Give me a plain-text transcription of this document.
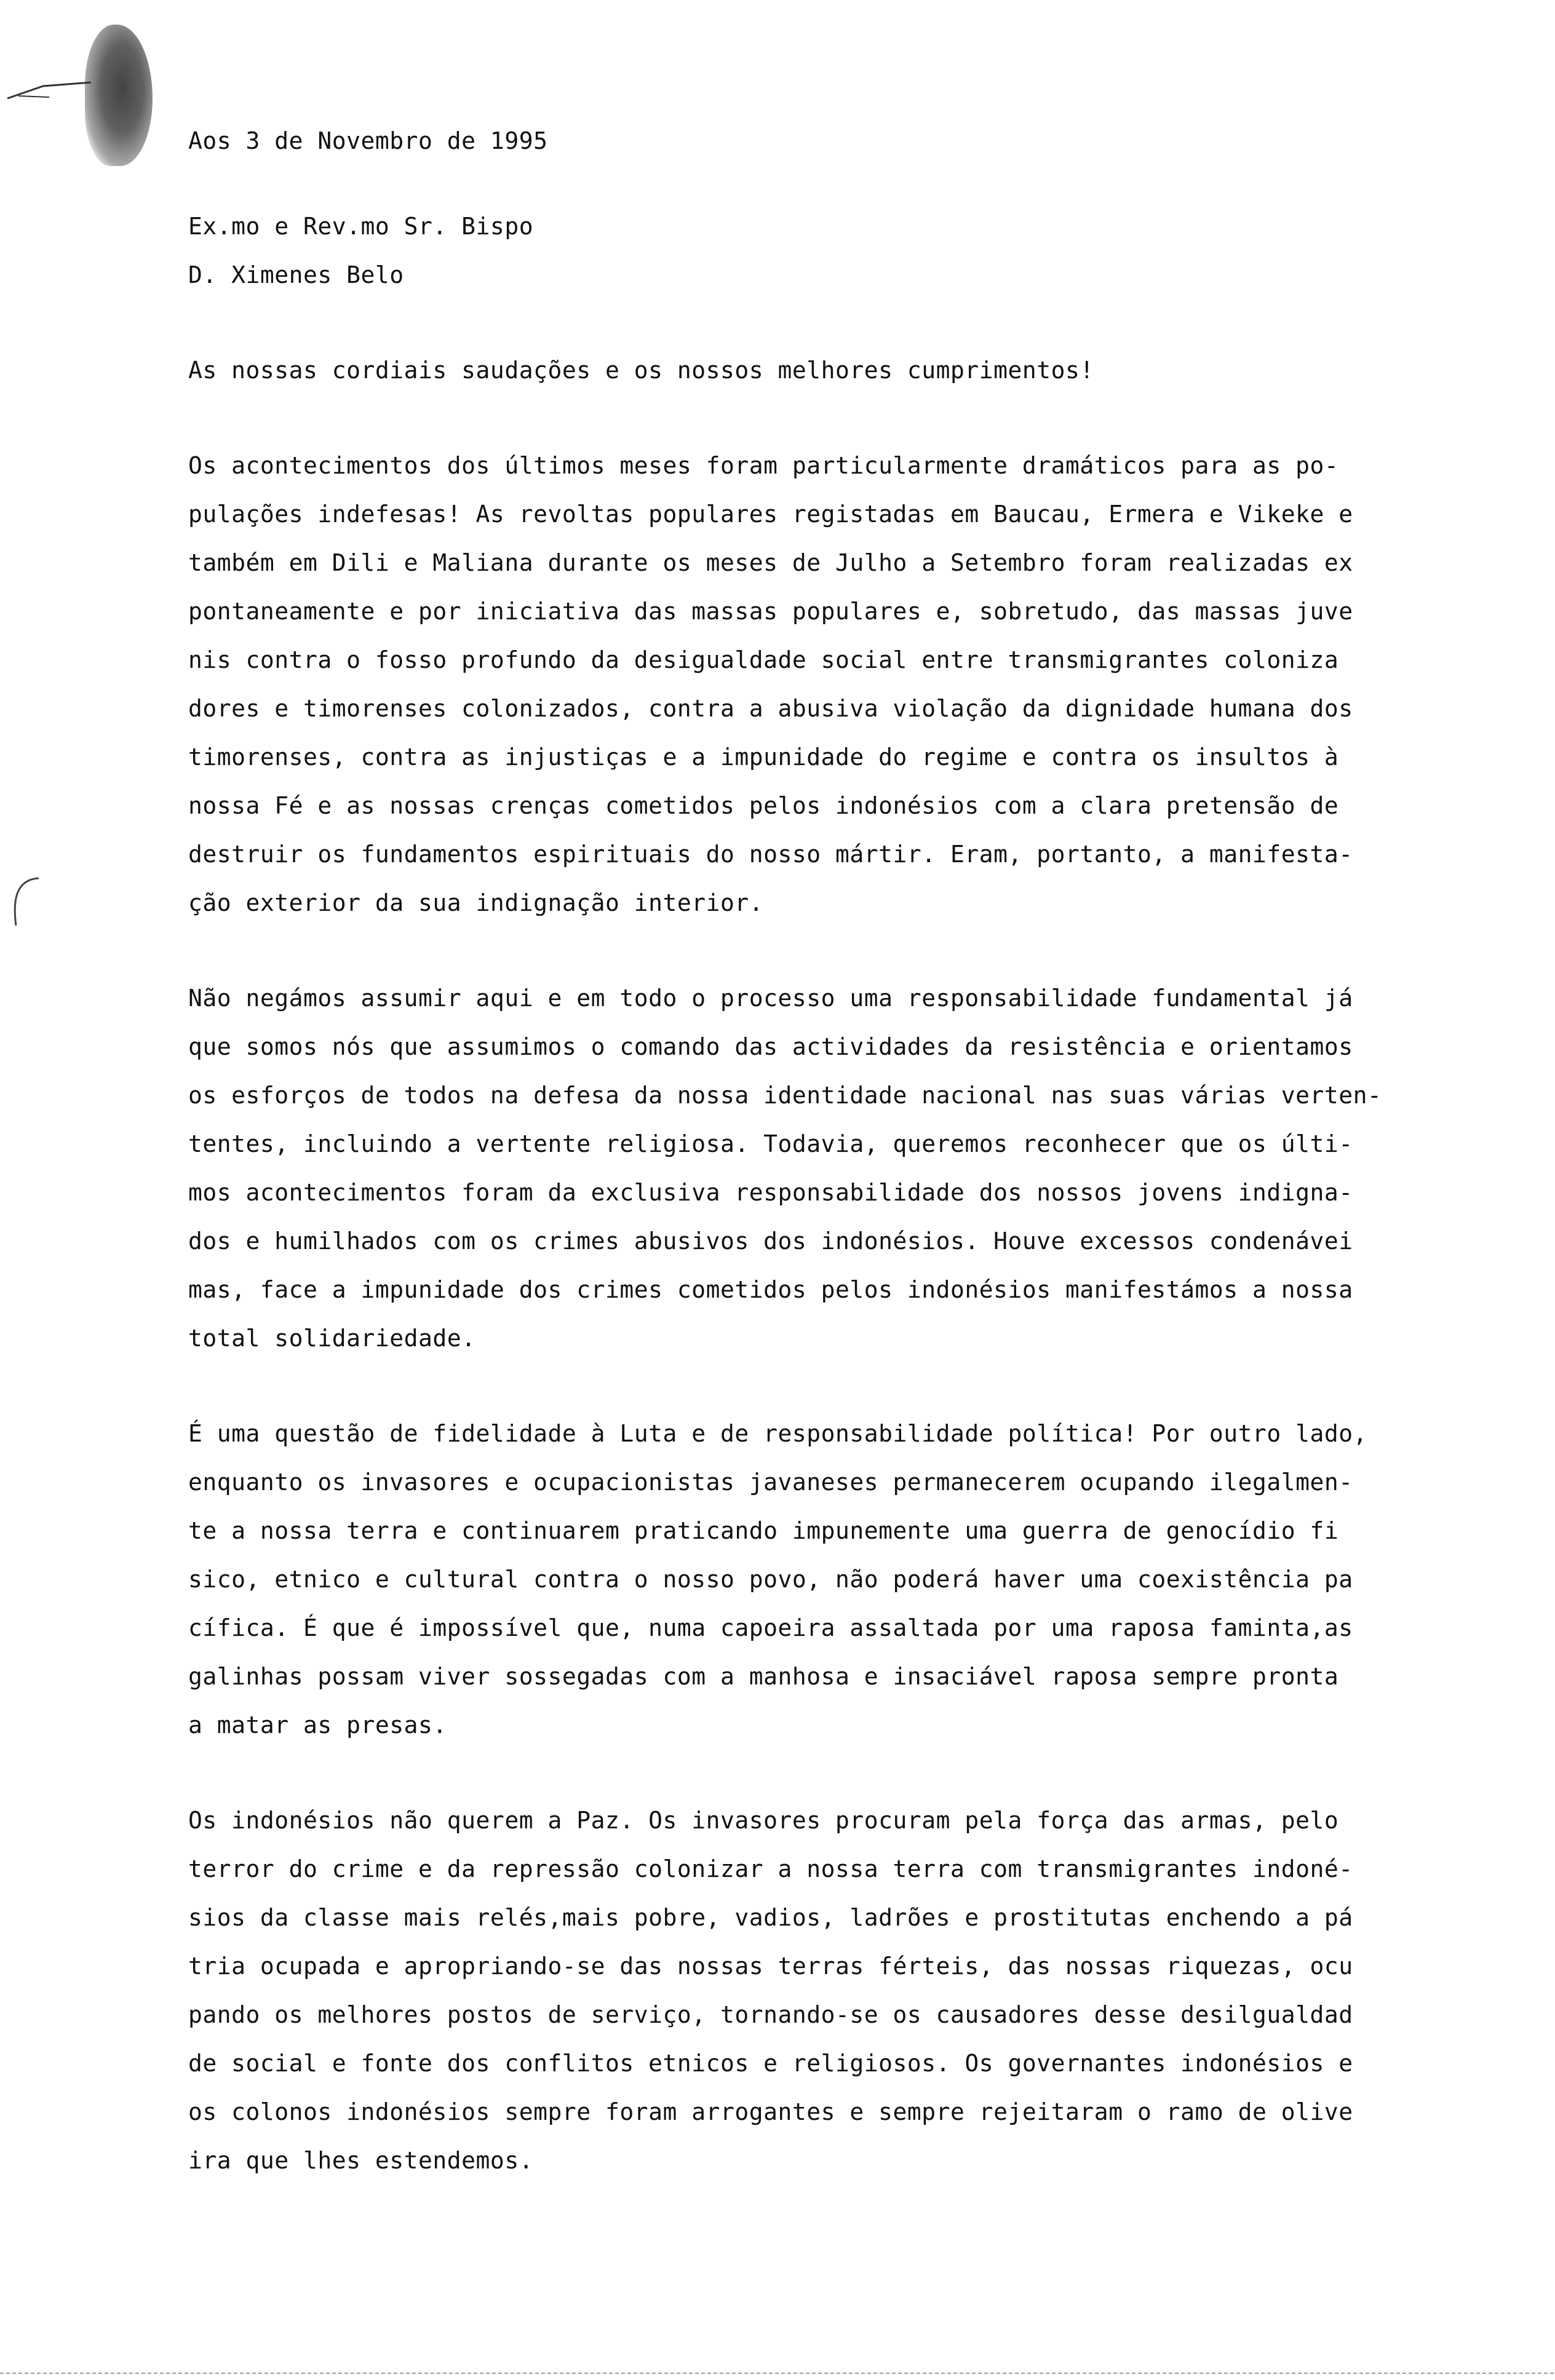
Aos 3 de Novembro de 1995
Ex.mo e Rev.mo Sr. Bispo
D. Ximenes Belo
As nossas cordiais saudações e os nossos melhores cumprimentos!
Os acontecimentos dos últimos meses foram particularmente dramáticos para as po-
pulações indefesas! As revoltas populares registadas em Baucau, Ermera e Vikeke e
também em Dili e Maliana durante os meses de Julho a Setembro foram realizadas ex
pontaneamente e por iniciativa das massas populares e, sobretudo, das massas juve
nis contra o fosso profundo da desigualdade social entre transmigrantes coloniza
dores e timorenses colonizados, contra a abusiva violação da dignidade humana dos
timorenses, contra as injustiças e a impunidade do regime e contra os insultos à
nossa Fé e as nossas crenças cometidos pelos indonésios com a clara pretensão de
destruir os fundamentos espirituais do nosso mártir. Eram, portanto, a manifesta-
ção exterior da sua indignação interior.
Não negámos assumir aqui e em todo o processo uma responsabilidade fundamental já
que somos nós que assumimos o comando das actividades da resistência e orientamos
os esforços de todos na defesa da nossa identidade nacional nas suas várias verten-
tentes, incluindo a vertente religiosa. Todavia, queremos reconhecer que os últi-
mos acontecimentos foram da exclusiva responsabilidade dos nossos jovens indigna-
dos e humilhados com os crimes abusivos dos indonésios. Houve excessos condenávei
mas, face a impunidade dos crimes cometidos pelos indonésios manifestámos a nossa
total solidariedade.
É uma questão de fidelidade à Luta e de responsabilidade política! Por outro lado,
enquanto os invasores e ocupacionistas javaneses permanecerem ocupando ilegalmen-
te a nossa terra e continuarem praticando impunemente uma guerra de genocídio fi
sico, etnico e cultural contra o nosso povo, não poderá haver uma coexistência pa
cífica. É que é impossível que, numa capoeira assaltada por uma raposa faminta,as
galinhas possam viver sossegadas com a manhosa e insaciável raposa sempre pronta
a matar as presas.
Os indonésios não querem a Paz. Os invasores procuram pela força das armas, pelo
terror do crime e da repressão colonizar a nossa terra com transmigrantes indoné-
sios da classe mais relés,mais pobre, vadios, ladrões e prostitutas enchendo a pá
tria ocupada e apropriando-se das nossas terras férteis, das nossas riquezas, ocu
pando os melhores postos de serviço, tornando-se os causadores desse desilgualdad
de social e fonte dos conflitos etnicos e religiosos. Os governantes indonésios e
os colonos indonésios sempre foram arrogantes e sempre rejeitaram o ramo de olive
ira que lhes estendemos.
